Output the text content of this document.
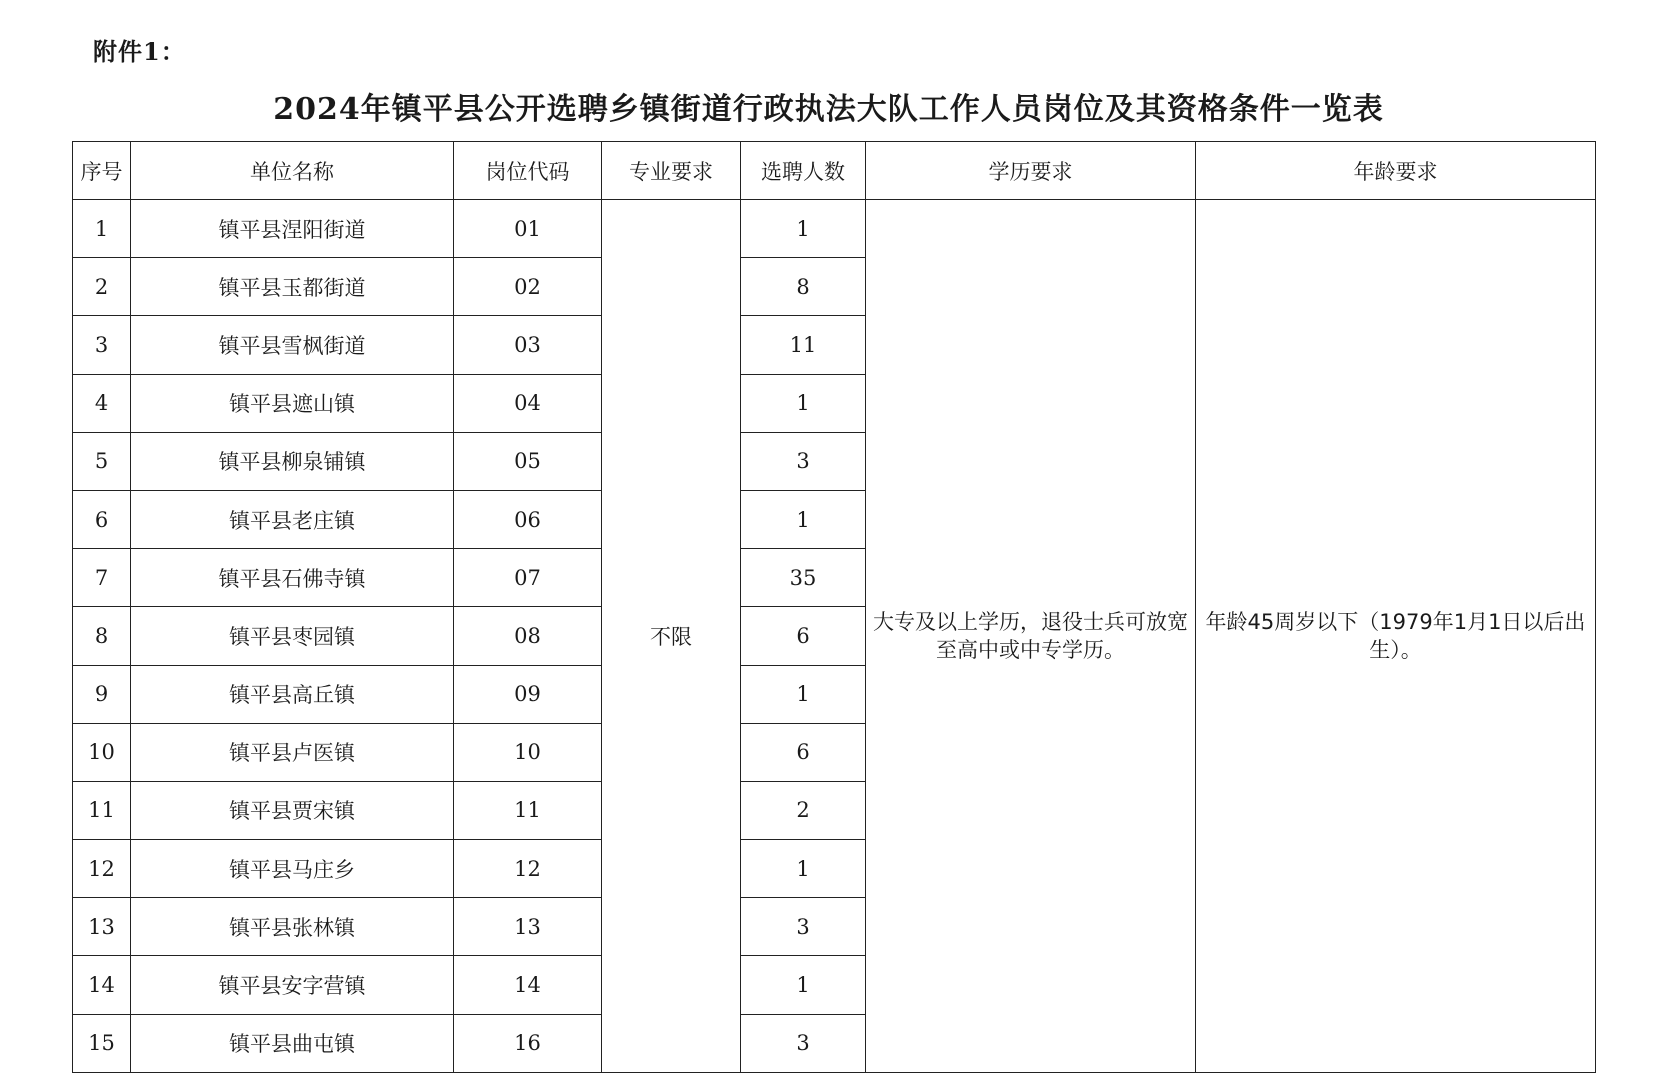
附件1：
2024年镇平县公开选聘乡镇街道行政执法大队工作人员岗位及其资格条件一览表
序号	单位名称	岗位代码	专业要求	选聘人数	学历要求	年龄要求
1	镇平县涅阳街道	01	不限	1	大专及以上学历，退役士兵可放宽至高中或中专学历。	年龄45周岁以下（1979年1月1日以后出生）。
2	镇平县玉都街道	02		8		
3	镇平县雪枫街道	03		11		
4	镇平县遮山镇	04		1		
5	镇平县柳泉铺镇	05		3		
6	镇平县老庄镇	06		1		
7	镇平县石佛寺镇	07		35		
8	镇平县枣园镇	08		6		
9	镇平县高丘镇	09		1		
10	镇平县卢医镇	10		6		
11	镇平县贾宋镇	11		2		
12	镇平县马庄乡	12		1		
13	镇平县张林镇	13		3		
14	镇平县安字营镇	14		1		
15	镇平县曲屯镇	16		3		
